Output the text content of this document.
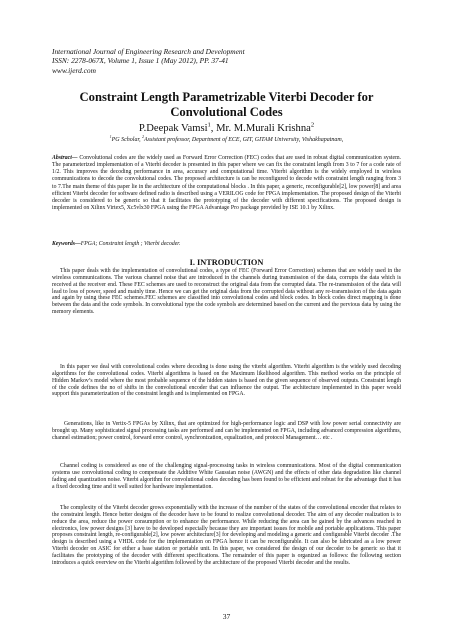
International Journal of Engineering Research and Development
ISSN: 2278-067X, Volume 1, Issue 1 (May 2012), PP. 37-41
www.ijerd.com
Constraint Length Parametrizable Viterbi Decoder for
Convolutional Codes
P.Deepak Vamsi$^1$, Mr. M.Murali Krishna$^2$
$^1$PG Scholar, $^2$Assistant professor, Department of ECE, GIT, GITAM University, Vishakhapatnam,
Abstract— Convolutional codes are the widely used as Forward Error Correction (FEC) codes that are used in robust digital communication system. The parameterized implementation of a Viterbi decoder is presented in this paper where we can fix the constraint length from 3 to 7 for a code rate of 1/2. This improves the decoding performance in area, accuracy and computational time. Viterbi algorithm is the widely employed in wireless communications to decode the convolutional codes. The proposed architecture is can be reconfigured to decode with constraint length ranging from 3 to 7.The main theme of this paper lie in the architecture of the computational blocks . In this paper, a generic, reconfigurable[2], low power[8] and area efficient Viterbi decoder for software defined radio is described using a VERILOG code for FPGA implementation. The proposed design of the Viterbi decoder is considered to be generic so that it facilitates the prototyping of the decoder with different specifications. The proposed design is implemented on Xilinx Virtex5, Xc5vlx30 FPGA using the FPGA Advantage Pro package provided by ISE 10.1 by Xilinx.
Keywords—FPGA; Constraint length ; Viterbi decoder.
I. INTRODUCTION
This paper deals with the implementation of convolutional codes, a type of FEC (Forward Error Correction) schemes that are widely used in the wireless communications. The various channel noise that are introduced in the channels during transmission of the data, corrupts the data which is received at the receiver end. These FEC schemes are used to reconstruct the original data from the corrupted data. The re-transmission of the data will lead to loss of power, speed and mainly time. Hence we can get the original data from the corrupted data without any re-transmission of the data again and again by using these FEC schemes.FEC schemes are classified into convolutional codes and block codes. In block codes direct mapping is done between the data and the code symbols. In convolutional type the code symbols are determined based on the current and the pervious data by using the memory elements.
In this paper we deal with convolutional codes where decoding is done using the viterbi algorithm. Viterbi algorithm is the widely used decoding algorithms for the convolutional codes. Viterbi algorithms is based on the Maximum likelihood algorithm. This method works on the principle of Hidden Markov’s model where the most probable sequence of the hidden states is based on the given sequence of observed outputs. Constraint length of the code defines the no of shifts in the convolutional encoder that can influence the output. The architecture implemented in this paper would support this parameterization of the constraint length and is implemented on FPGA.
Generations, like in Vertix-5 FPGAs by Xilinx, that are optimized for high-performance logic and DSP with low power serial connectivity are brought up. Many sophisticated signal processing tasks are performed and can be implemented on FPGA, including advanced compression algorithms, channel estimation; power control, forward error control, synchronization, equalization, and protocol Management… etc .
Channel coding is considered as one of the challenging signal-processing tasks in wireless communications. Most of the digital communication systems use convolutional coding to compensate the Additive White Gaussian noise (AWGN) and the effects of other data degradation like channel fading and quantization noise. Viterbi algorithm for convolutional codes decoding has been found to be efficient and robust for the advantage that it has a fixed decoding time and it well suited for hardware implementation.
The complexity of the Viterbi decoder grows exponentially with the increase of the number of the states of the convolutional encoder that relates to the constraint length. Hence better designs of the decoder have to be found to realize convolutional decoder. The aim of any decoder realization is to reduce the area, reduce the power consumption or to enhance the performance. While reducing the area can be gained by the advances reached in electronics, low power designs [3] have to be developed especially because they are important issues for mobile and portable applications. This paper proposes constraint length, re-configurable[2], low power architecture[3] for developing and modeling a generic and configurable Viterbi decoder .The design is described using a VHDL code for the implementation on FPGA hence it can be reconfigurable. It can also be fabricated as a low power Viterbi decoder on ASIC for either a base station or portable unit. In this paper, we considered the design of our decoder to be generic so that it facilitates the prototyping of the decoder with different specifications. The remainder of this paper is organized as follows: the following section introduces a quick overview on the Viterbi algorithm followed by the architecture of the proposed Viterbi decoder and the results.
37
